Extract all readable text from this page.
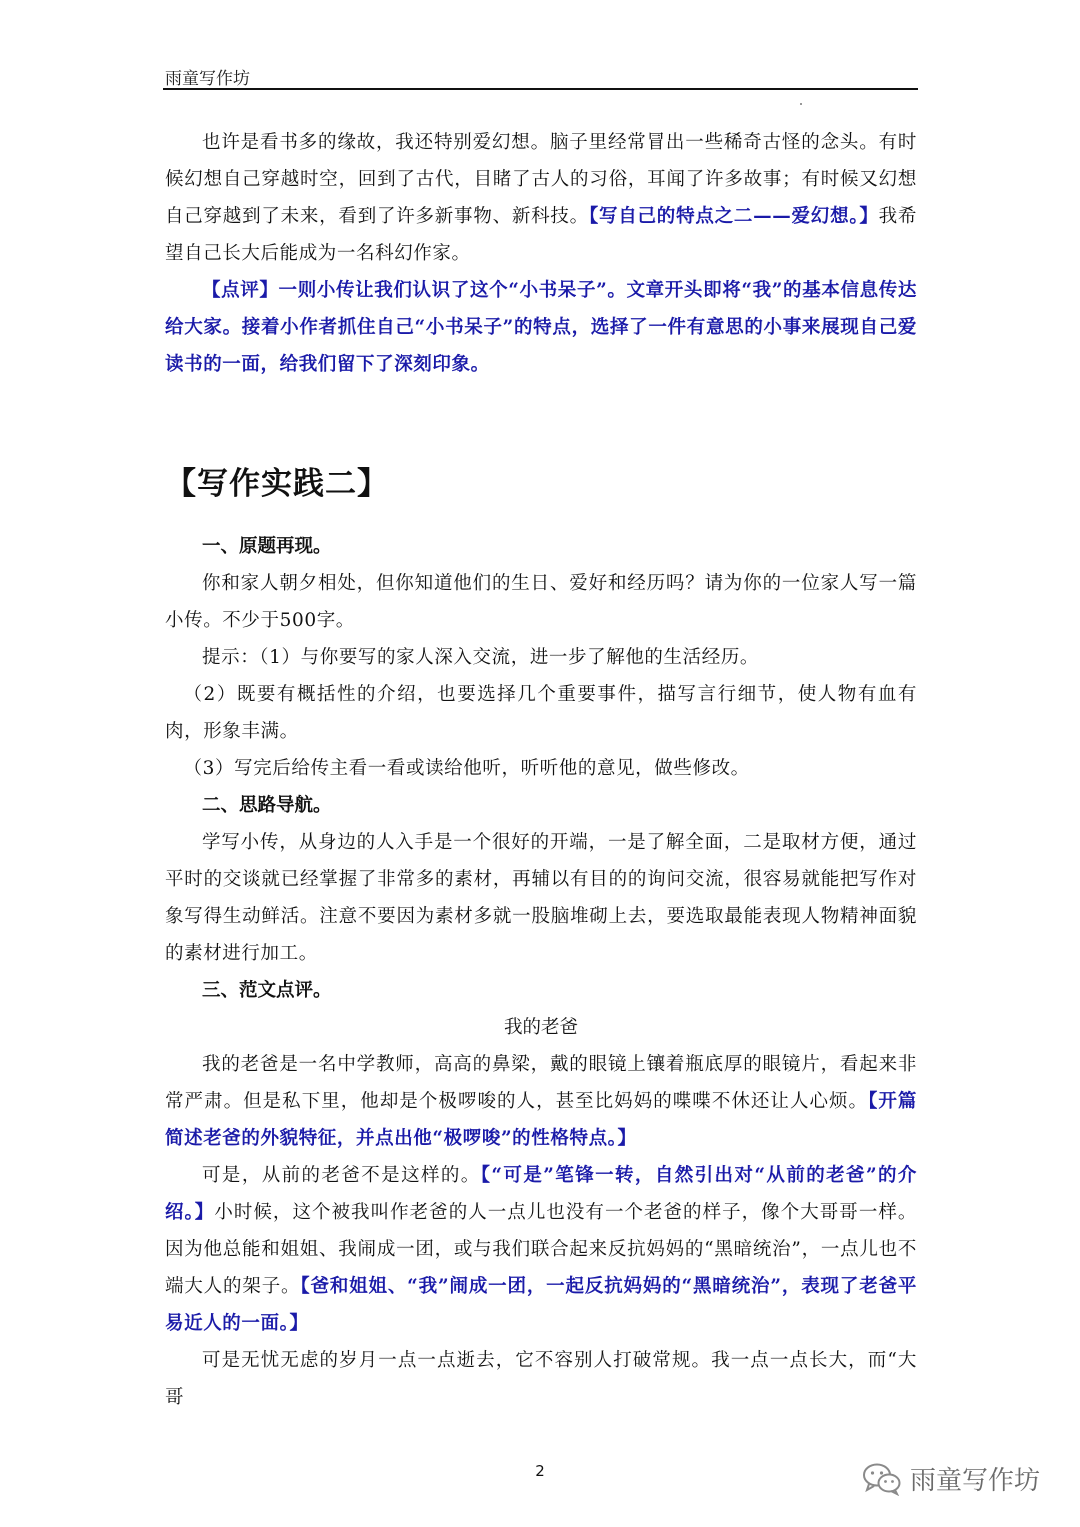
雨童写作坊

也许是看书多的缘故，我还特别爱幻想。脑子里经常冒出一些稀奇古怪的念头。有时候幻想自己穿越时空，回到了古代，目睹了古人的习俗，耳闻了许多故事；有时候又幻想自己穿越到了未来，看到了许多新事物、新科技。【写自己的特点之二——爱幻想。】我希望自己长大后能成为一名科幻作家。

【点评】一则小传让我们认识了这个“小书呆子”。文章开头即将“我”的基本信息传达给大家。接着小作者抓住自己“小书呆子”的特点，选择了一件有意思的小事来展现自己爱读书的一面，给我们留下了深刻印象。

【写作实践二】

一、原题再现。

你和家人朝夕相处，但你知道他们的生日、爱好和经历吗？请为你的一位家人写一篇小传。不少于500字。

提示：（1）与你要写的家人深入交流，进一步了解他的生活经历。

（2）既要有概括性的介绍，也要选择几个重要事件，描写言行细节，使人物有血有肉，形象丰满。

（3）写完后给传主看一看或读给他听，听听他的意见，做些修改。

二、思路导航。

学写小传，从身边的人入手是一个很好的开端，一是了解全面，二是取材方便，通过平时的交谈就已经掌握了非常多的素材，再辅以有目的的询问交流，很容易就能把写作对象写得生动鲜活。注意不要因为素材多就一股脑堆砌上去，要选取最能表现人物精神面貌的素材进行加工。

三、范文点评。

我的老爸

我的老爸是一名中学教师，高高的鼻梁，戴的眼镜上镶着瓶底厚的眼镜片，看起来非常严肃。但是私下里，他却是个极啰唆的人，甚至比妈妈的喋喋不休还让人心烦。【开篇简述老爸的外貌特征，并点出他“极啰唆”的性格特点。】

可是，从前的老爸不是这样的。【“可是”笔锋一转，自然引出对“从前的老爸”的介绍。】小时候，这个被我叫作老爸的人一点儿也没有一个老爸的样子，像个大哥哥一样。因为他总能和姐姐、我闹成一团，或与我们联合起来反抗妈妈的“黑暗统治”，一点儿也不端大人的架子。【爸和姐姐、“我”闹成一团，一起反抗妈妈的“黑暗统治”，表现了老爸平易近人的一面。】

可是无忧无虑的岁月一点一点逝去，它不容别人打破常规。我一点一点长大，而“大哥

2	雨童写作坊
